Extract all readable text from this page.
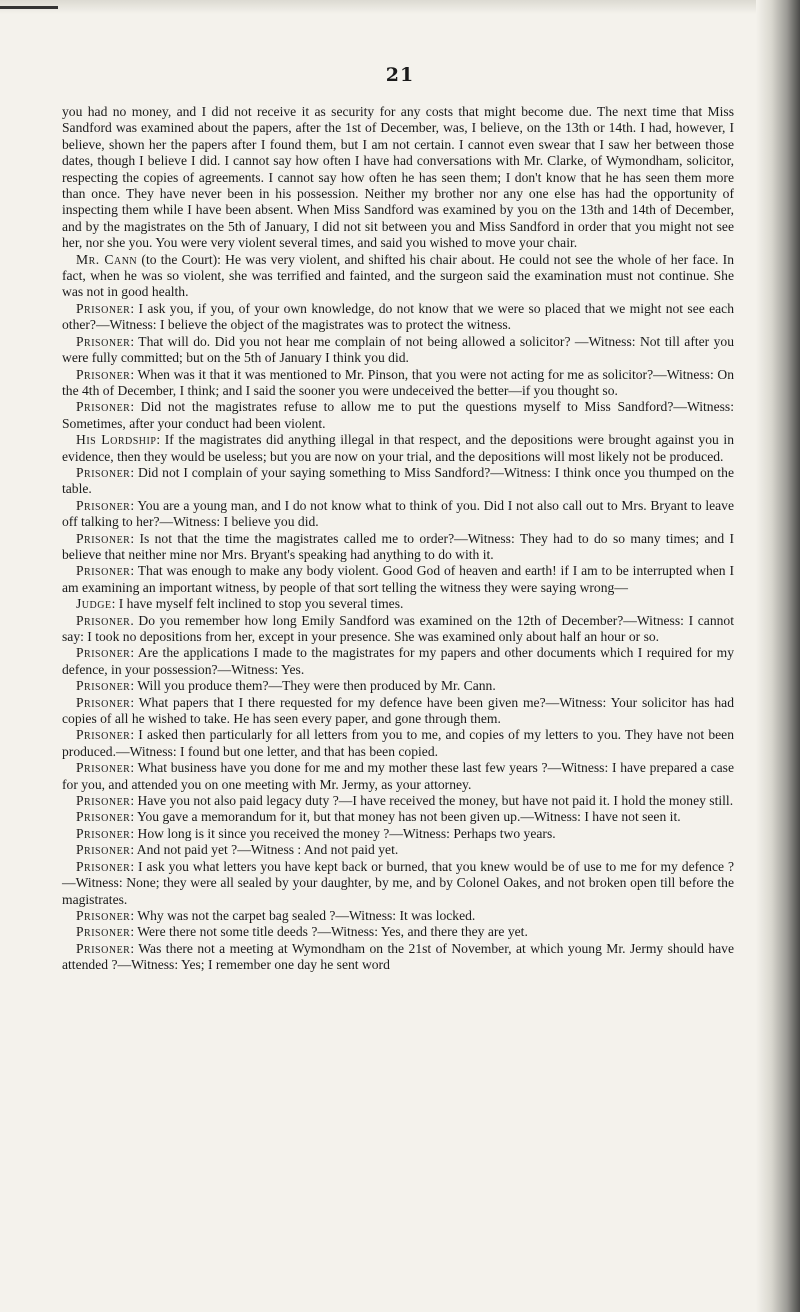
21

you had no money, and I did not receive it as security for any costs that might become due. The next time that Miss Sandford was examined about the papers, after the 1st of December, was, I believe, on the 13th or 14th. I had, however, I believe, shown her the papers after I found them, but I am not certain. I cannot even swear that I saw her between those dates, though I believe I did. I cannot say how often I have had conversations with Mr. Clarke, of Wymondham, solicitor, respecting the copies of agreements. I cannot say how often he has seen them; I don't know that he has seen them more than once. They have never been in his possession. Neither my brother nor any one else has had the opportunity of inspecting them while I have been absent. When Miss Sandford was examined by you on the 13th and 14th of December, and by the magistrates on the 5th of January, I did not sit between you and Miss Sandford in order that you might not see her, nor she you. You were very violent several times, and said you wished to move your chair.

Mr. Cann (to the Court): He was very violent, and shifted his chair about. He could not see the whole of her face. In fact, when he was so violent, she was terrified and fainted, and the surgeon said the examination must not continue. She was not in good health.

Prisoner: I ask you, if you, of your own knowledge, do not know that we were so placed that we might not see each other?—Witness: I believe the object of the magistrates was to protect the witness.

Prisoner: That will do. Did you not hear me complain of not being allowed a solicitor? —Witness: Not till after you were fully committed; but on the 5th of January I think you did.

Prisoner: When was it that it was mentioned to Mr. Pinson, that you were not acting for me as solicitor?—Witness: On the 4th of December, I think; and I said the sooner you were undeceived the better—if you thought so.

Prisoner: Did not the magistrates refuse to allow me to put the questions myself to Miss Sandford?—Witness: Sometimes, after your conduct had been violent.

His Lordship: If the magistrates did anything illegal in that respect, and the depositions were brought against you in evidence, then they would be useless; but you are now on your trial, and the depositions will most likely not be produced.

Prisoner: Did not I complain of your saying something to Miss Sandford?—Witness: I think once you thumped on the table.

Prisoner: You are a young man, and I do not know what to think of you. Did I not also call out to Mrs. Bryant to leave off talking to her?—Witness: I believe you did.

Prisoner: Is not that the time the magistrates called me to order?—Witness: They had to do so many times; and I believe that neither mine nor Mrs. Bryant's speaking had anything to do with it.

Prisoner: That was enough to make any body violent. Good God of heaven and earth! if I am to be interrupted when I am examining an important witness, by people of that sort telling the witness they were saying wrong—

Judge: I have myself felt inclined to stop you several times.

Prisoner. Do you remember how long Emily Sandford was examined on the 12th of December?—Witness: I cannot say: I took no depositions from her, except in your presence. She was examined only about half an hour or so.

Prisoner: Are the applications I made to the magistrates for my papers and other documents which I required for my defence, in your possession?—Witness: Yes.

Prisoner: Will you produce them?—They were then produced by Mr. Cann.

Prisoner: What papers that I there requested for my defence have been given me?—Witness: Your solicitor has had copies of all he wished to take. He has seen every paper, and gone through them.

Prisoner: I asked then particularly for all letters from you to me, and copies of my letters to you. They have not been produced.—Witness: I found but one letter, and that has been copied.

Prisoner: What business have you done for me and my mother these last few years ?—Witness: I have prepared a case for you, and attended you on one meeting with Mr. Jermy, as your attorney.

Prisoner: Have you not also paid legacy duty ?—I have received the money, but have not paid it. I hold the money still.

Prisoner: You gave a memorandum for it, but that money has not been given up.—Witness: I have not seen it.

Prisoner: How long is it since you received the money ?—Witness: Perhaps two years.

Prisoner: And not paid yet ?—Witness : And not paid yet.

Prisoner: I ask you what letters you have kept back or burned, that you knew would be of use to me for my defence ?—Witness: None; they were all sealed by your daughter, by me, and by Colonel Oakes, and not broken open till before the magistrates.

Prisoner: Why was not the carpet bag sealed ?—Witness: It was locked.

Prisoner: Were there not some title deeds ?—Witness: Yes, and there they are yet.

Prisoner: Was there not a meeting at Wymondham on the 21st of November, at which young Mr. Jermy should have attended ?—Witness: Yes; I remember one day he sent word
